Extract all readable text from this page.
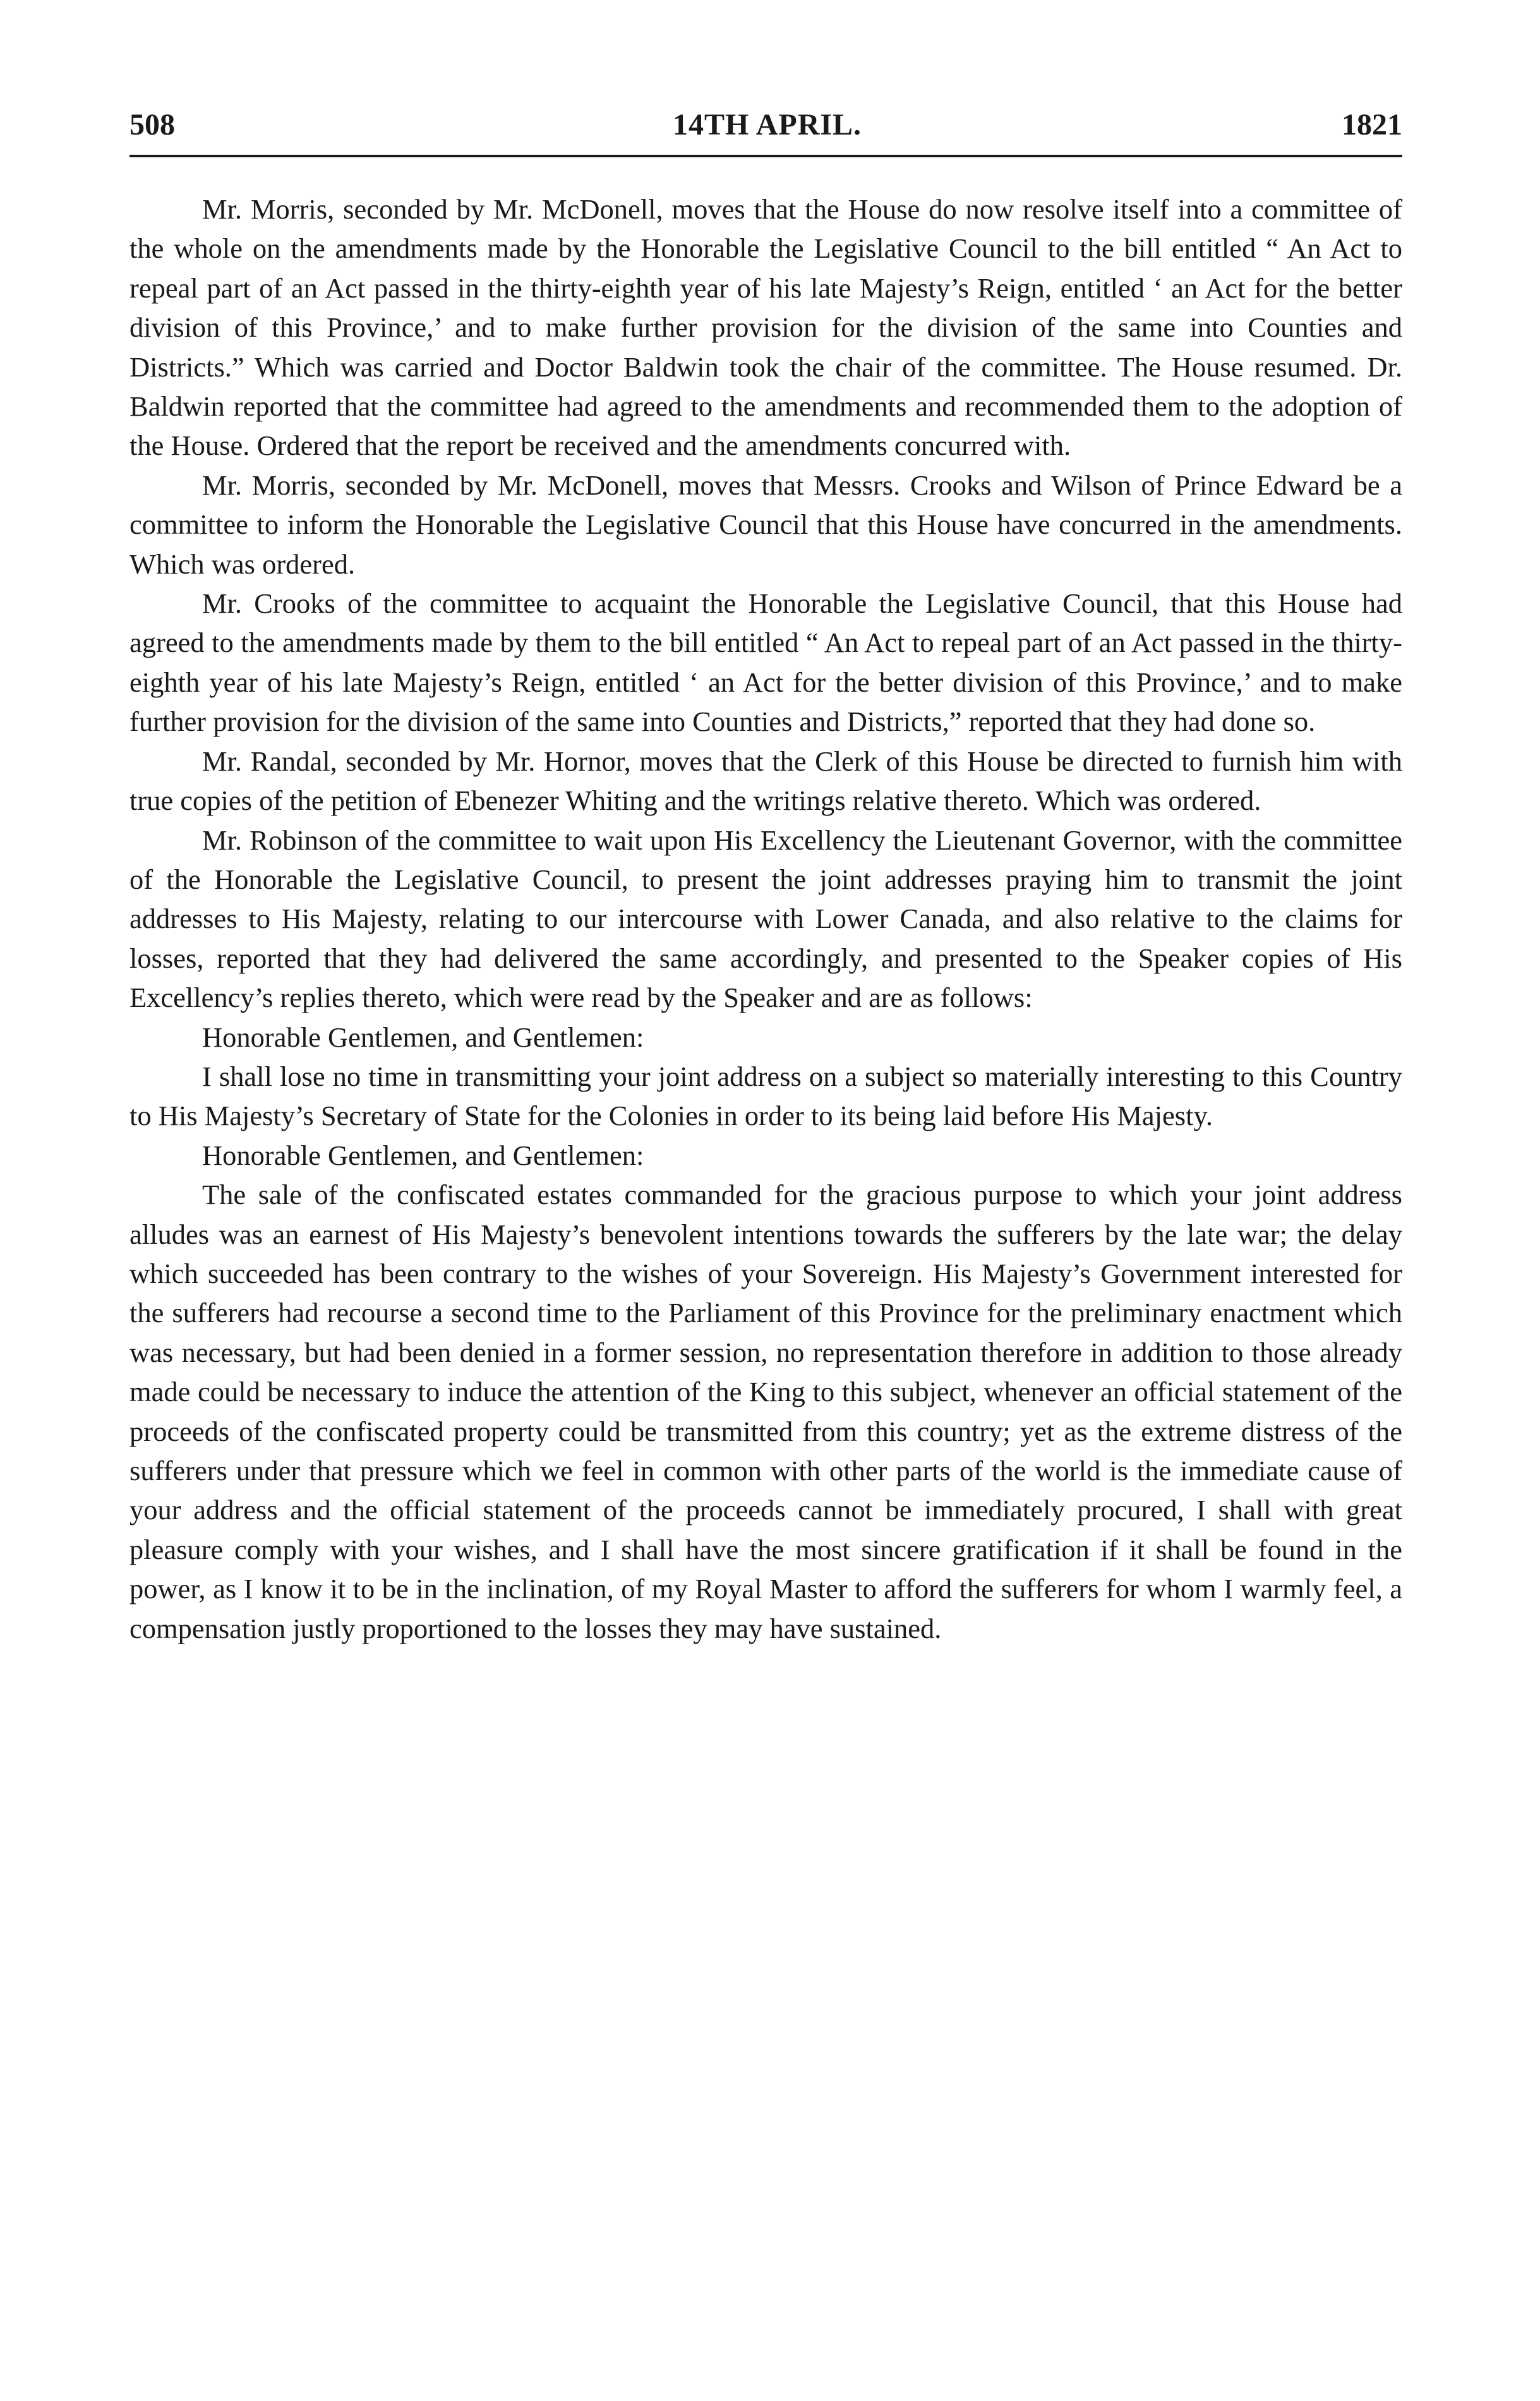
508	14TH APRIL.	1821

Mr. Morris, seconded by Mr. McDonell, moves that the House do now resolve itself into a committee of the whole on the amendments made by the Honorable the Legislative Council to the bill entitled “ An Act to repeal part of an Act passed in the thirty-eighth year of his late Majesty’s Reign, entitled ‘ an Act for the better division of this Province,’ and to make further provision for the division of the same into Counties and Districts.” Which was carried and Doctor Baldwin took the chair of the committee. The House resumed. Dr. Baldwin reported that the committee had agreed to the amendments and recommended them to the adoption of the House. Ordered that the report be received and the amendments concurred with.

Mr. Morris, seconded by Mr. McDonell, moves that Messrs. Crooks and Wilson of Prince Edward be a committee to inform the Honorable the Legislative Council that this House have concurred in the amendments. Which was ordered.

Mr. Crooks of the committee to acquaint the Honorable the Legislative Council, that this House had agreed to the amendments made by them to the bill entitled “ An Act to repeal part of an Act passed in the thirty-eighth year of his late Majesty’s Reign, entitled ‘ an Act for the better division of this Province,’ and to make further provision for the division of the same into Counties and Districts,” reported that they had done so.

Mr. Randal, seconded by Mr. Hornor, moves that the Clerk of this House be directed to furnish him with true copies of the petition of Ebenezer Whiting and the writings relative thereto. Which was ordered.

Mr. Robinson of the committee to wait upon His Excellency the Lieutenant Governor, with the committee of the Honorable the Legislative Council, to present the joint addresses praying him to transmit the joint addresses to His Majesty, relating to our intercourse with Lower Canada, and also relative to the claims for losses, reported that they had delivered the same accordingly, and presented to the Speaker copies of His Excellency’s replies thereto, which were read by the Speaker and are as follows:

Honorable Gentlemen, and Gentlemen:

I shall lose no time in transmitting your joint address on a subject so materially interesting to this Country to His Majesty’s Secretary of State for the Colonies in order to its being laid before His Majesty.

Honorable Gentlemen, and Gentlemen:

The sale of the confiscated estates commanded for the gracious purpose to which your joint address alludes was an earnest of His Majesty’s benevolent intentions towards the sufferers by the late war; the delay which succeeded has been contrary to the wishes of your Sovereign. His Majesty’s Government interested for the sufferers had recourse a second time to the Parliament of this Province for the preliminary enactment which was necessary, but had been denied in a former session, no representation therefore in addition to those already made could be necessary to induce the attention of the King to this subject, whenever an official statement of the proceeds of the confiscated property could be transmitted from this country; yet as the extreme distress of the sufferers under that pressure which we feel in common with other parts of the world is the immediate cause of your address and the official statement of the proceeds cannot be immediately procured, I shall with great pleasure comply with your wishes, and I shall have the most sincere gratification if it shall be found in the power, as I know it to be in the inclination, of my Royal Master to afford the sufferers for whom I warmly feel, a compensation justly proportioned to the losses they may have sustained.
